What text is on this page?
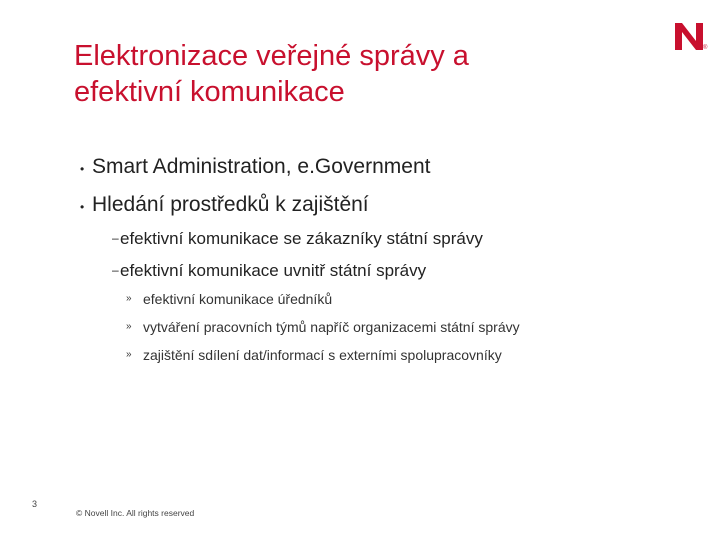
Elektronizace veřejné správy a
efektivní komunikace
®
• Smart Administration, e.Government
• Hledání prostředků k zajištění
– efektivní komunikace se zákazníky státní správy
– efektivní komunikace uvnitř státní správy
» efektivní komunikace úředníků
» vytváření pracovních týmů napříč organizacemi státní správy
» zajištění sdílení dat/informací s externími spolupracovníky
3
© Novell Inc. All rights reserved
